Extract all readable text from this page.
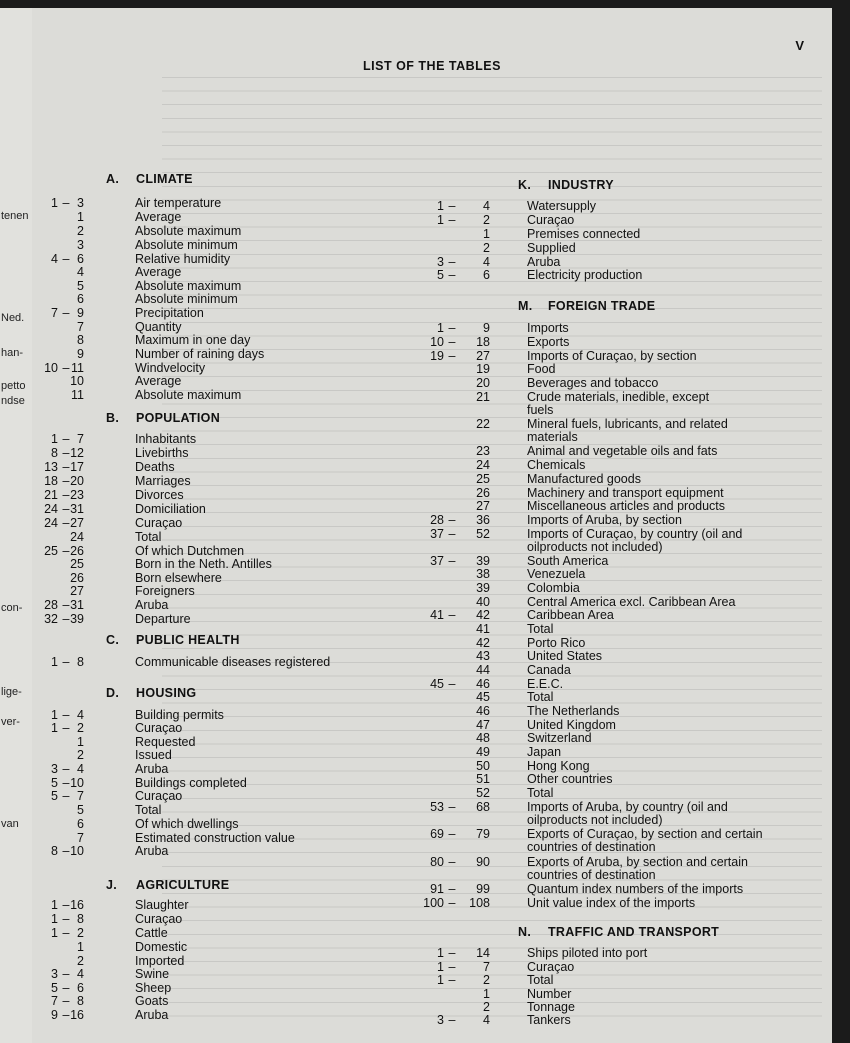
tenen
Ned.
han-
petto
ndse
con-
lige-
ver-
van
V
LIST OF THE TABLES
A. CLIMATE
1 – 3	Air temperature
1	Average
2	Absolute maximum
3	Absolute minimum
4 – 6	Relative humidity
4	Average
5	Absolute maximum
6	Absolute minimum
7 – 9	Precipitation
7	Quantity
8	Maximum in one day
9	Number of raining days
10 – 11	Windvelocity
10	Average
11	Absolute maximum
B. POPULATION
1 – 7	Inhabitants
8 – 12	Livebirths
13 – 17	Deaths
18 – 20	Marriages
21 – 23	Divorces
24 – 31	Domiciliation
24 – 27	Curaçao
24	Total
25 – 26	Of which Dutchmen
25	Born in the Neth. Antilles
26	Born elsewhere
27	Foreigners
28 – 31	Aruba
32 – 39	Departure
C. PUBLIC HEALTH
1 – 8	Communicable diseases registered
D. HOUSING
1 – 4	Building permits
1 – 2	Curaçao
1	Requested
2	Issued
3 – 4	Aruba
5 – 10	Buildings completed
5 – 7	Curaçao
5	Total
6	Of which dwellings
7	Estimated construction value
8 – 10	Aruba
J. AGRICULTURE
1 – 16	Slaughter
1 – 8	Curaçao
1 – 2	Cattle
1	Domestic
2	Imported
3 – 4	Swine
5 – 6	Sheep
7 – 8	Goats
9 – 16	Aruba
K. INDUSTRY
1 –	4	Watersupply
1 –	2	Curaçao
1	Premises connected
2	Supplied
3 –	4	Aruba
5 –	6	Electricity production
M. FOREIGN TRADE
1 –	9	Imports
10 –	18	Exports
19 –	27	Imports of Curaçao, by section
19	Food
20	Beverages and tobacco
21	Crude materials, inedible, except
fuels
22	Mineral fuels, lubricants, and related
materials
23	Animal and vegetable oils and fats
24	Chemicals
25	Manufactured goods
26	Machinery and transport equipment
27	Miscellaneous articles and products
28 –	36	Imports of Aruba, by section
37 –	52	Imports of Curaçao, by country (oil and
oilproducts not included)
37 –	39	South America
38	Venezuela
39	Colombia
40	Central America excl. Caribbean Area
41 –	42	Caribbean Area
41	Total
42	Porto Rico
43	United States
44	Canada
45 –	46	E.E.C.
45	Total
46	The Netherlands
47	United Kingdom
48	Switzerland
49	Japan
50	Hong Kong
51	Other countries
52	Total
53 –	68	Imports of Aruba, by country (oil and
oilproducts not included)
69 –	79	Exports of Curaçao, by section and certain
countries of destination
80 –	90	Exports of Aruba, by section and certain
countries of destination
91 –	99	Quantum index numbers of the imports
100 –	108	Unit value index of the imports
N. TRAFFIC AND TRANSPORT
1 –	14	Ships piloted into port
1 –	7	Curaçao
1 –	2	Total
1	Number
2	Tonnage
3 –	4	Tankers
